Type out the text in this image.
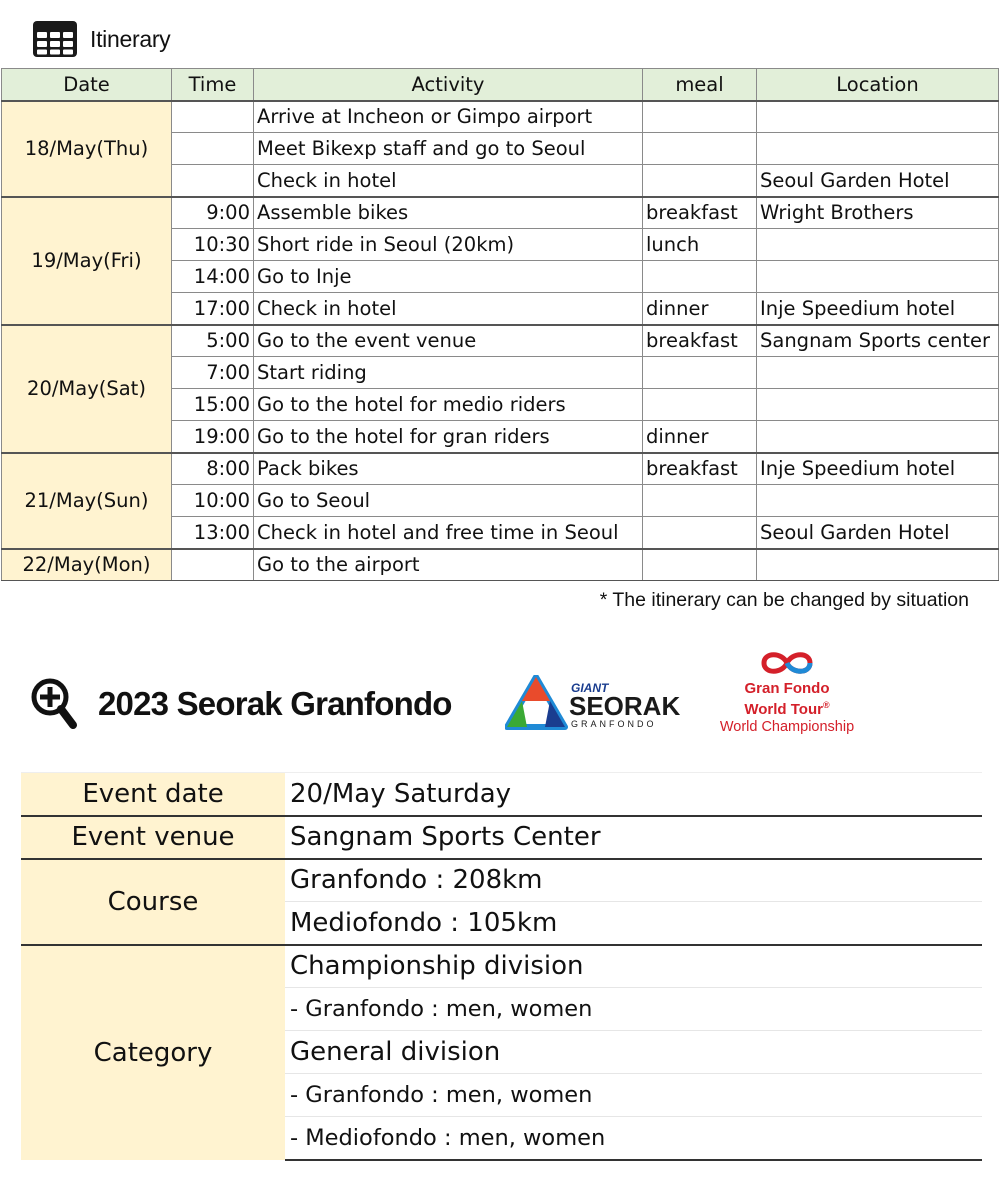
Itinerary
Date	Time	Activity	meal	Location
18/May(Thu)		Arrive at Incheon or Gimpo airport		
		Meet Bikexp staff and go to Seoul		
		Check in hotel		Seoul Garden Hotel
19/May(Fri)	9:00	Assemble bikes	breakfast	Wright Brothers
	10:30	Short ride in Seoul (20km)	lunch	
	14:00	Go to Inje		
	17:00	Check in hotel	dinner	Inje Speedium hotel
20/May(Sat)	5:00	Go to the event venue	breakfast	Sangnam Sports center
	7:00	Start riding		
	15:00	Go to the hotel for medio riders		
	19:00	Go to the hotel for gran riders	dinner	
21/May(Sun)	8:00	Pack bikes	breakfast	Inje Speedium hotel
	10:00	Go to Seoul		
	13:00	Check in hotel and free time in Seoul		Seoul Garden Hotel
22/May(Mon)		Go to the airport		
* The itinerary can be changed by situation
2023 Seorak Granfondo	GIANT
SEORAK
GRANFONDO
Gran Fondo
World Tour®
World Championship
Event date	20/May Saturday
Event venue	Sangnam Sports Center
Course	Granfondo : 208km
	Mediofondo : 105km
Category	Championship division
	- Granfondo : men, women
	General division
	- Granfondo : men, women
	- Mediofondo : men, women
